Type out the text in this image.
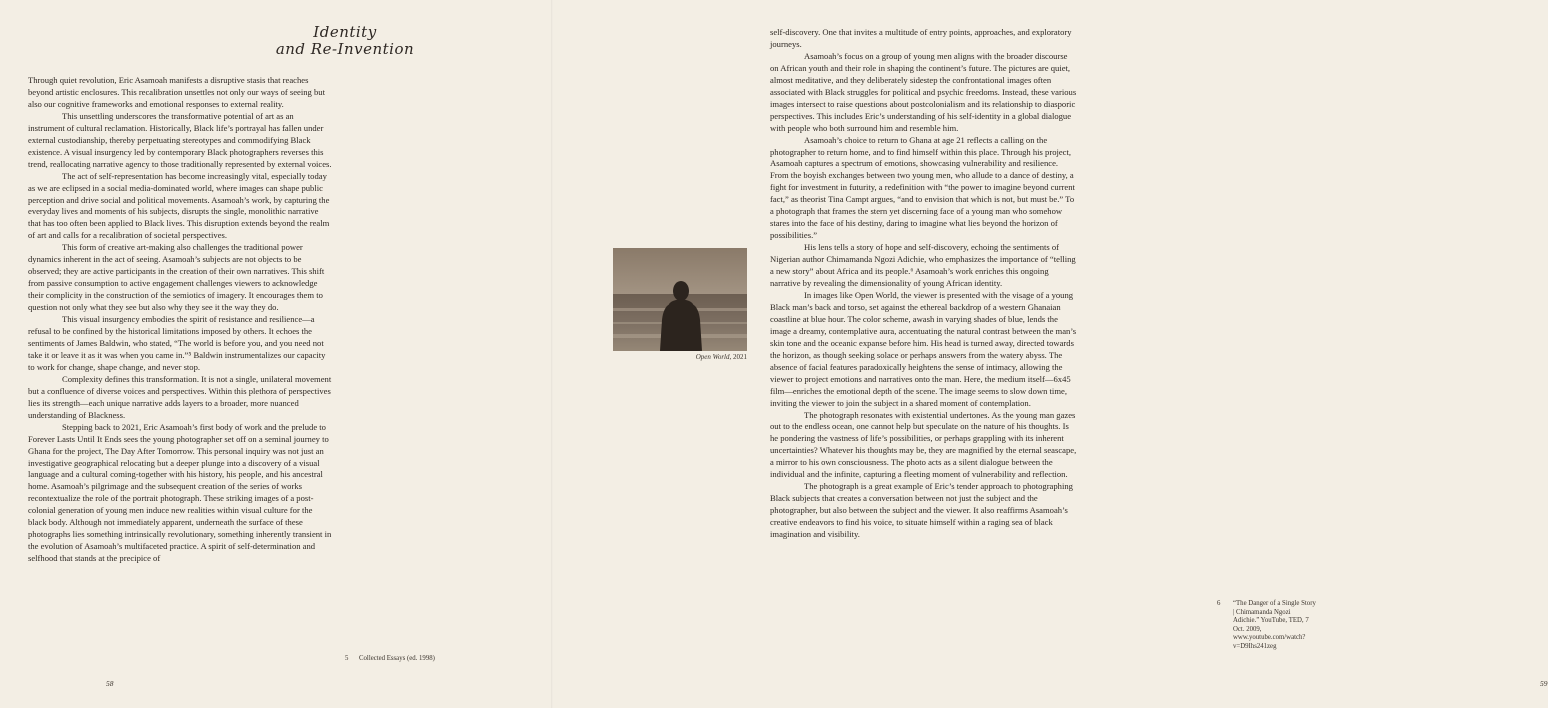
Identity
and Re-Invention

Through quiet revolution, Eric Asamoah manifests a disruptive stasis that reaches beyond artistic enclosures. This recalibration unsettles not only our ways of seeing but also our cognitive frameworks and emotional responses to external reality.

This unsettling underscores the transformative potential of art as an instrument of cultural reclamation. Historically, Black life’s portrayal has fallen under external custodianship, thereby perpetuating stereotypes and commodifying Black existence. A visual insurgency led by contemporary Black photographers reverses this trend, reallocating narrative agency to those traditionally represented by external voices.

The act of self-representation has become increasingly vital, especially today as we are eclipsed in a social media-dominated world, where images can shape public perception and drive social and political movements. Asamoah’s work, by capturing the everyday lives and moments of his subjects, disrupts the single, monolithic narrative that has too often been applied to Black lives. This disruption extends beyond the realm of art and calls for a recalibration of societal perspectives.

This form of creative art-making also challenges the traditional power dynamics inherent in the act of seeing. Asamoah’s subjects are not objects to be observed; they are active participants in the creation of their own narratives. This shift from passive consumption to active engagement challenges viewers to acknowledge their complicity in the construction of the semiotics of imagery. It encourages them to question not only what they see but also why they see it the way they do.

This visual insurgency embodies the spirit of resistance and resilience—a refusal to be confined by the historical limitations imposed by others. It echoes the sentiments of James Baldwin, who stated, “The world is before you, and you need not take it or leave it as it was when you came in.”⁵ Baldwin instrumentalizes our capacity to work for change, shape change, and never stop.

Complexity defines this transformation. It is not a single, unilateral movement but a confluence of diverse voices and perspectives. Within this plethora of perspectives lies its strength—each unique narrative adds layers to a broader, more nuanced understanding of Blackness.

Stepping back to 2021, Eric Asamoah’s first body of work and the prelude to Forever Lasts Until It Ends sees the young photographer set off on a seminal journey to Ghana for the project, The Day After Tomorrow. This personal inquiry was not just an investigative geographical relocating but a deeper plunge into a discovery of a visual language and a cultural coming-together with his history, his people, and his ancestral home. Asamoah’s pilgrimage and the subsequent creation of the series of works recontextualize the role of the portrait photograph. These striking images of a post-colonial generation of young men induce new realities within visual culture for the black body. Although not immediately apparent, underneath the surface of these photographs lies something intrinsically revolutionary, something inherently transient in the evolution of Asamoah’s multifaceted practice. A spirit of self-determination and selfhood that stands at the precipice of

5 Collected Essays (ed. 1998)
58

self-discovery. One that invites a multitude of entry points, approaches, and exploratory journeys.

Asamoah’s focus on a group of young men aligns with the broader discourse on African youth and their role in shaping the continent’s future. The pictures are quiet, almost meditative, and they deliberately sidestep the confrontational images often associated with Black struggles for political and psychic freedoms. Instead, these various images intersect to raise questions about postcolonialism and its relationship to diasporic perspectives. This includes Eric’s understanding of his self-identity in a global dialogue with people who both surround him and resemble him.

Asamoah’s choice to return to Ghana at age 21 reflects a calling on the photographer to return home, and to find himself within this place. Through his project, Asamoah captures a spectrum of emotions, showcasing vulnerability and resilience. From the boyish exchanges between two young men, who allude to a dance of destiny, a fight for investment in futurity, a redefinition with “the power to imagine beyond current fact,” as theorist Tina Campt argues, “and to envision that which is not, but must be.” To a photograph that frames the stern yet discerning face of a young man who somehow stares into the face of his destiny, daring to imagine what lies beyond the horizon of possibilities.”

His lens tells a story of hope and self-discovery, echoing the sentiments of Nigerian author Chimamanda Ngozi Adichie, who emphasizes the importance of “telling a new story” about Africa and its people.⁶ Asamoah’s work enriches this ongoing narrative by revealing the dimensionality of young African identity.

In images like Open World, the viewer is presented with the visage of a young Black man’s back and torso, set against the ethereal backdrop of a western Ghanaian coastline at blue hour. The color scheme, awash in varying shades of blue, lends the image a dreamy, contemplative aura, accentuating the natural contrast between the man’s skin tone and the oceanic expanse before him. His head is turned away, directed towards the horizon, as though seeking solace or perhaps answers from the watery abyss. The absence of facial features paradoxically heightens the sense of intimacy, allowing the viewer to project emotions and narratives onto the man. Here, the medium itself—6x45 film—enriches the emotional depth of the scene. The image seems to slow down time, inviting the viewer to join the subject in a shared moment of contemplation.

The photograph resonates with existential undertones. As the young man gazes out to the endless ocean, one cannot help but speculate on the nature of his thoughts. Is he pondering the vastness of life’s possibilities, or perhaps grappling with its inherent uncertainties? Whatever his thoughts may be, they are magnified by the eternal seascape, a mirror to his own consciousness. The photo acts as a silent dialogue between the individual and the infinite, capturing a fleeting moment of vulnerability and reflection.

The photograph is a great example of Eric’s tender approach to photographing Black subjects that creates a conversation between not just the subject and the photographer, but also between the subject and the viewer. It also reaffirms Asamoah’s creative endeavors to find his voice, to situate himself within a raging sea of black imagination and visibility.

6 “The Danger of a Single Story | Chimamanda Ngozi Adichie.” YouTube, TED, 7 Oct. 2009, www.youtube.com/watch?v=D9Ihs241zeg
59
Open World, 2021
